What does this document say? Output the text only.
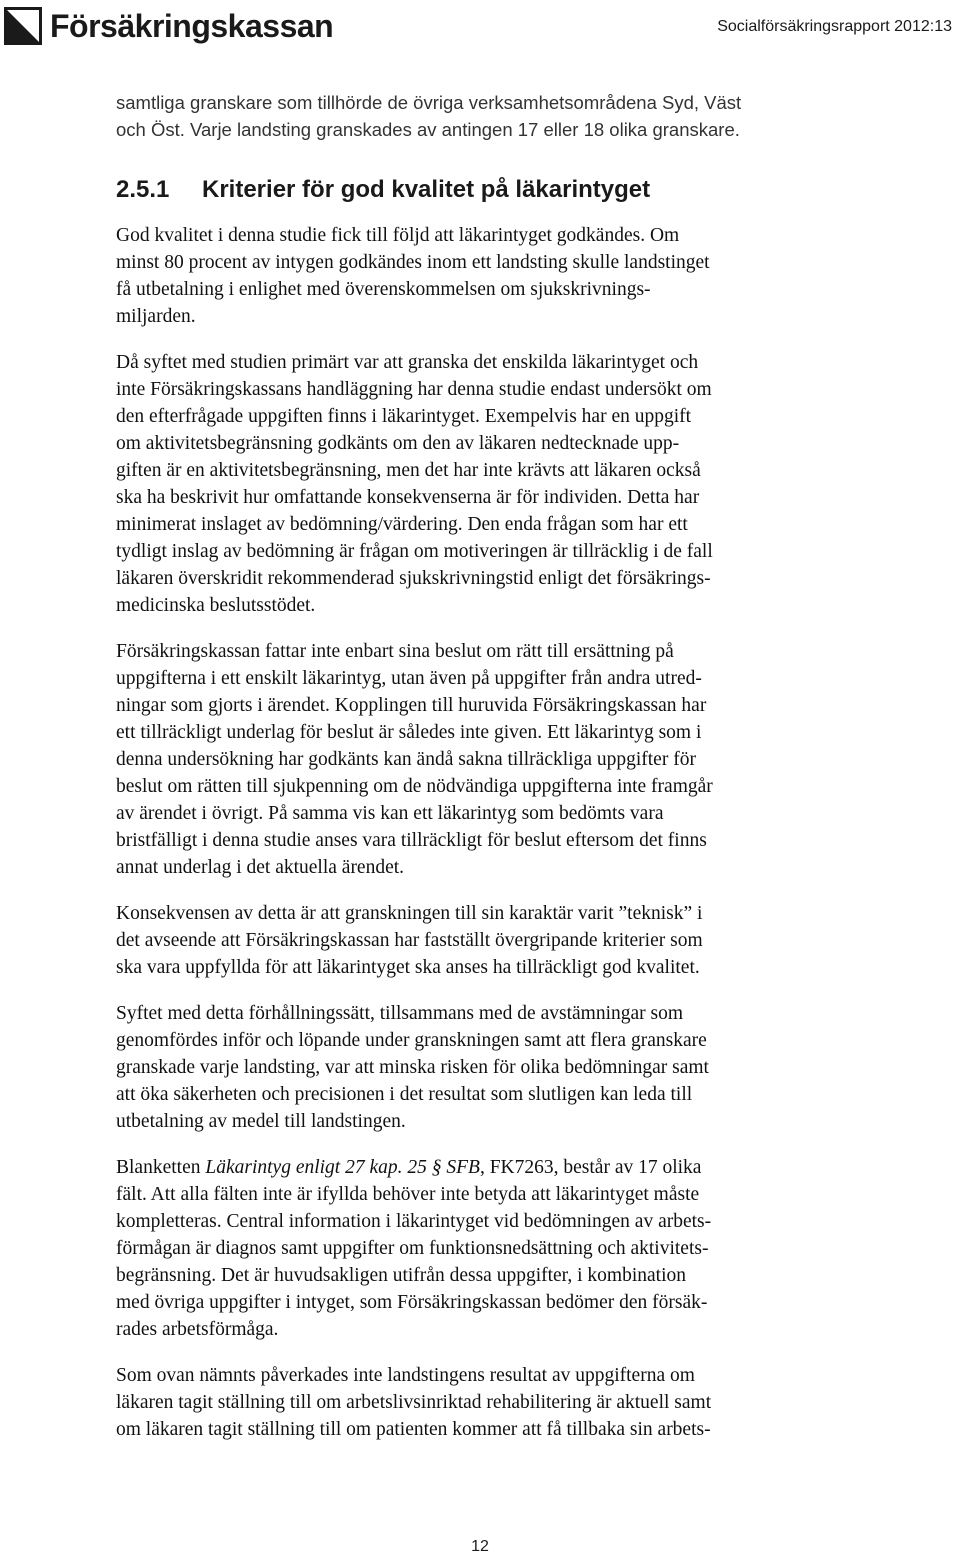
Försäkringskassan	Socialförsäkringsrapport 2012:13

samtliga granskare som tillhörde de övriga verksamhetsområdena Syd, Väst
och Öst. Varje landsting granskades av antingen 17 eller 18 olika granskare.

2.5.1 Kriterier för god kvalitet på läkarintyget

God kvalitet i denna studie fick till följd att läkarintyget godkändes. Om
minst 80 procent av intygen godkändes inom ett landsting skulle landstinget
få utbetalning i enlighet med överenskommelsen om sjukskrivnings-
miljarden.

Då syftet med studien primärt var att granska det enskilda läkarintyget och
inte Försäkringskassans handläggning har denna studie endast undersökt om
den efterfrågade uppgiften finns i läkarintyget. Exempelvis har en uppgift
om aktivitetsbegränsning godkänts om den av läkaren nedtecknade upp-
giften är en aktivitetsbegränsning, men det har inte krävts att läkaren också
ska ha beskrivit hur omfattande konsekvenserna är för individen. Detta har
minimerat inslaget av bedömning/värdering. Den enda frågan som har ett
tydligt inslag av bedömning är frågan om motiveringen är tillräcklig i de fall
läkaren överskridit rekommenderad sjukskrivningstid enligt det försäkrings-
medicinska beslutsstödet.

Försäkringskassan fattar inte enbart sina beslut om rätt till ersättning på
uppgifterna i ett enskilt läkarintyg, utan även på uppgifter från andra utred-
ningar som gjorts i ärendet. Kopplingen till huruvida Försäkringskassan har
ett tillräckligt underlag för beslut är således inte given. Ett läkarintyg som i
denna undersökning har godkänts kan ändå sakna tillräckliga uppgifter för
beslut om rätten till sjukpenning om de nödvändiga uppgifterna inte framgår
av ärendet i övrigt. På samma vis kan ett läkarintyg som bedömts vara
bristfälligt i denna studie anses vara tillräckligt för beslut eftersom det finns
annat underlag i det aktuella ärendet.

Konsekvensen av detta är att granskningen till sin karaktär varit ”teknisk” i
det avseende att Försäkringskassan har fastställt övergripande kriterier som
ska vara uppfyllda för att läkarintyget ska anses ha tillräckligt god kvalitet.

Syftet med detta förhållningssätt, tillsammans med de avstämningar som
genomfördes inför och löpande under granskningen samt att flera granskare
granskade varje landsting, var att minska risken för olika bedömningar samt
att öka säkerheten och precisionen i det resultat som slutligen kan leda till
utbetalning av medel till landstingen.

Blanketten Läkarintyg enligt 27 kap. 25 § SFB, FK7263, består av 17 olika
fält. Att alla fälten inte är ifyllda behöver inte betyda att läkarintyget måste
kompletteras. Central information i läkarintyget vid bedömningen av arbets-
förmågan är diagnos samt uppgifter om funktionsnedsättning och aktivitets-
begränsning. Det är huvudsakligen utifrån dessa uppgifter, i kombination
med övriga uppgifter i intyget, som Försäkringskassan bedömer den försäk-
rades arbetsförmåga.

Som ovan nämnts påverkades inte landstingens resultat av uppgifterna om
läkaren tagit ställning till om arbetslivsinriktad rehabilitering är aktuell samt
om läkaren tagit ställning till om patienten kommer att få tillbaka sin arbets-

12
